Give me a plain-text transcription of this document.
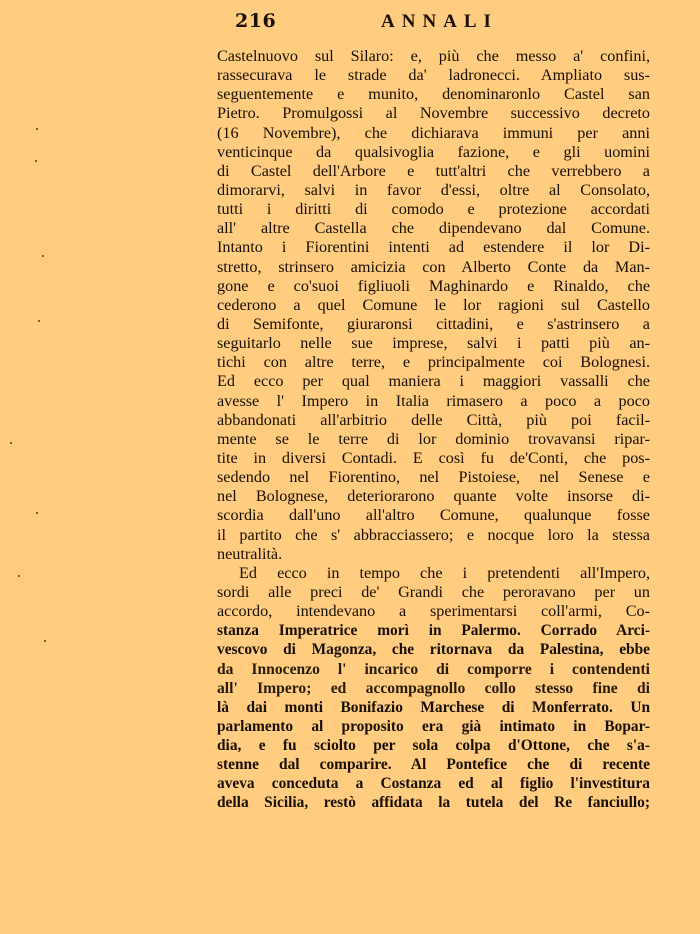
216	ANNALI
Castelnuovo sul Silaro: e, più che messo a' confini,
rassecurava le strade da' ladronecci. Ampliato sus-
seguentemente e munito, denominaronlo Castel san
Pietro. Promulgossi al Novembre successivo decreto
(16 Novembre), che dichiarava immuni per anni
venticinque da qualsivoglia fazione, e gli uomini
di Castel dell'Arbore e tutt'altri che verrebbero a
dimorarvi, salvi in favor d'essi, oltre al Consolato,
tutti i diritti di comodo e protezione accordati
all' altre Castella che dipendevano dal Comune.
Intanto i Fiorentini intenti ad estendere il lor Di-
stretto, strinsero amicizia con Alberto Conte da Man-
gone e co'suoi figliuoli Maghinardo e Rinaldo, che
cederono a quel Comune le lor ragioni sul Castello
di Semifonte, giuraronsi cittadini, e s'astrinsero a
seguitarlo nelle sue imprese, salvi i patti più an-
tichi con altre terre, e principalmente coi Bolognesi.
Ed ecco per qual maniera i maggiori vassalli che
avesse l' Impero in Italia rimasero a poco a poco
abbandonati all'arbitrio delle Città, più poi facil-
mente se le terre di lor dominio trovavansi ripar-
tite in diversi Contadi. E così fu de'Conti, che pos-
sedendo nel Fiorentino, nel Pistoiese, nel Senese e
nel Bolognese, deteriorarono quante volte insorse di-
scordia dall'uno all'altro Comune, qualunque fosse
il partito che s' abbracciassero; e nocque loro la stessa
neutralità.
Ed ecco in tempo che i pretendenti all'Impero,
sordi alle preci de' Grandi che peroravano per un
accordo, intendevano a sperimentarsi coll'armi, Co-
stanza Imperatrice morì in Palermo. Corrado Arci-
vescovo di Magonza, che ritornava da Palestina, ebbe
da Innocenzo l' incarico di comporre i contendenti
all' Impero; ed accompagnollo collo stesso fine di
là dai monti Bonifazio Marchese di Monferrato. Un
parlamento al proposito era già intimato in Bopar-
dia, e fu sciolto per sola colpa d'Ottone, che s'a-
stenne dal comparire. Al Pontefice che di recente
aveva conceduta a Costanza ed al figlio l'investitura
della Sicilia, restò affidata la tutela del Re fanciullo;
